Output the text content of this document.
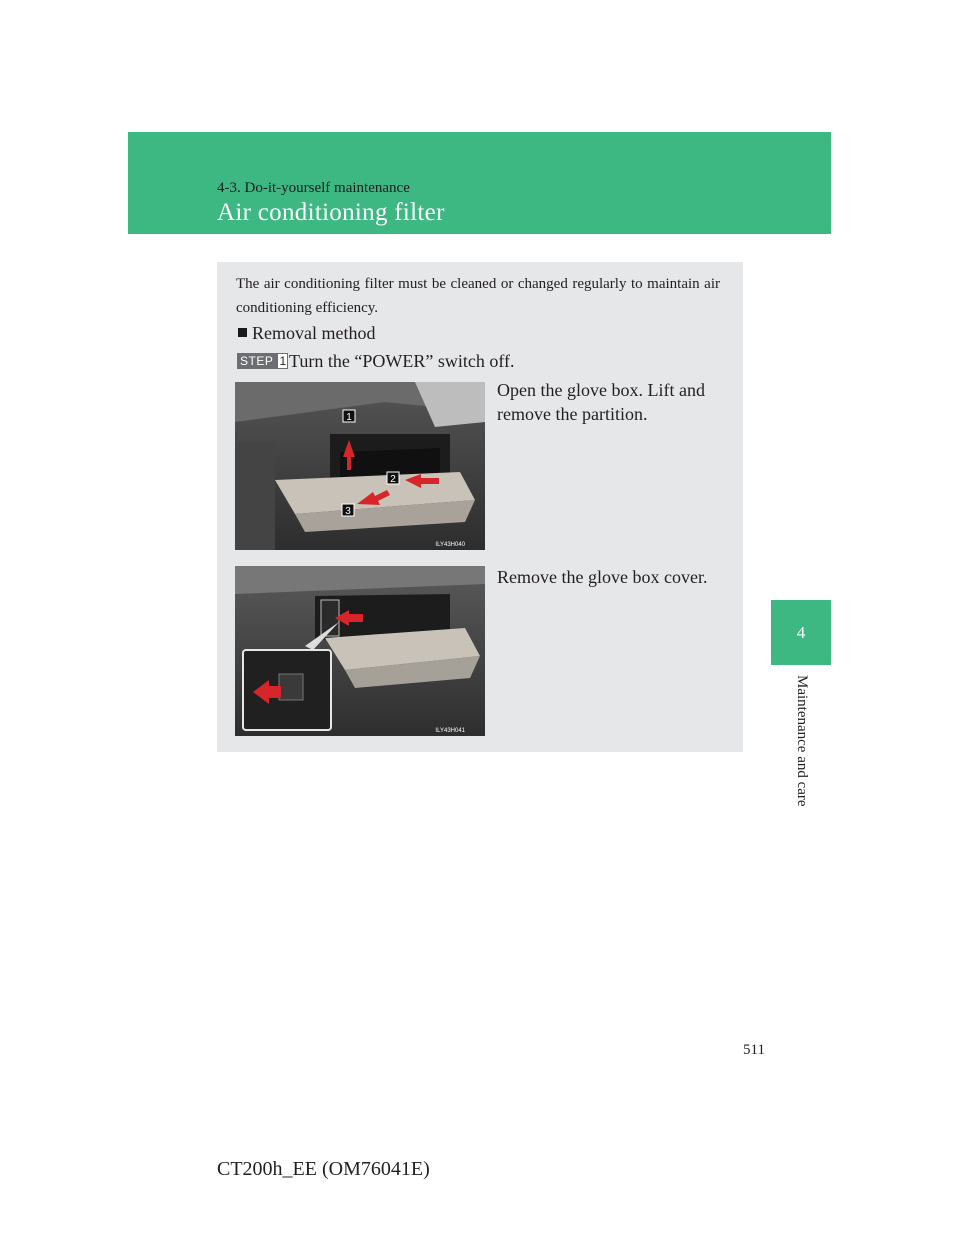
4-3. Do-it-yourself maintenance
Air conditioning filter
4
Maintenance and care
The air conditioning filter must be cleaned or changed regularly to maintain air conditioning efficiency.
Removal method
STEP 1 Turn the “POWER” switch off.
Open the glove box. Lift and
remove the partition.
1
2
3
ILY43H040
Remove the glove box cover.
ILY43H041
511
CT200h_EE (OM76041E)
